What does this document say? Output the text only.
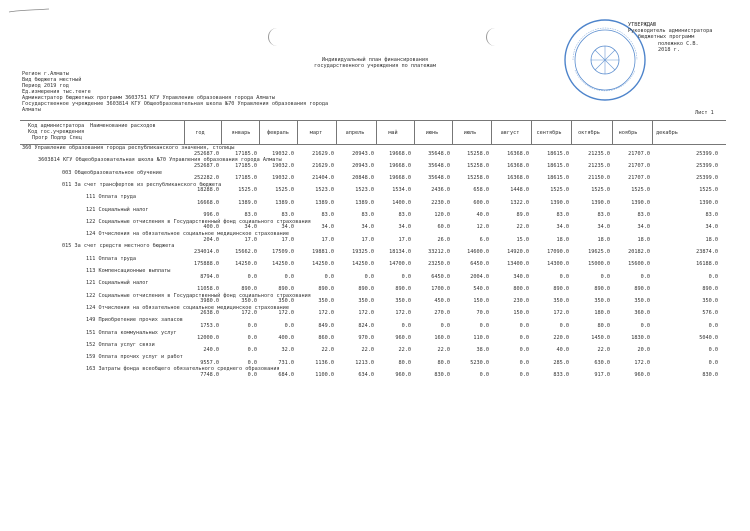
УТВЕРЖДАЮ
Руководитель администратора
бюджетных программ
полежнко С.В.
2018 г.
Индивидуальный план финансирования
государственного учреждения по платежам
Регион г.Алматы
Вид бюджета местный
Период 2019 год
Ед.измерения тыс.тенге
Администратор бюджетных программ 3603751 КГУ Управление образования города Алматы
Государственное учреждение 3603814 КГУ Общеобразовательная школа №70 Управления образования города
Алматы	Лист 1
Код администратора Наименование расходов
Код гос.учреждения
Прогр Подпр Спец
год	январь	февраль	март	апрель	май	июнь	июль	август	сентябрь	октябрь	ноябрь	декабрь
360 Управление образования города республиканского значения, столицы
252687.0	17185.0	19032.0	21629.0	20943.0	19668.0	35648.0	15258.0	16368.0	18615.0	21235.0	21707.0	25399.0
3603814 КГУ Общеобразовательная школа №70 Управления образования города Алматы
252687.0	17185.0	19032.0	21629.0	20943.0	19668.0	35648.0	15258.0	16368.0	18615.0	21235.0	21707.0	25399.0
003 Общеобразовательное обучение
252282.0	17185.0	19032.0	21404.0	20848.0	19668.0	35648.0	15258.0	16368.0	18615.0	21150.0	21707.0	25399.0
011 За счет трансфертов из республиканского бюджета
18288.0	1525.0	1525.0	1523.0	1523.0	1534.0	2436.0	658.0	1448.0	1525.0	1525.0	1525.0	1525.0
111 Оплата труда
16668.0	1389.0	1389.0	1389.0	1389.0	1400.0	2230.0	600.0	1322.0	1390.0	1390.0	1390.0	1390.0
121 Социальный налог
996.0	83.0	83.0	83.0	83.0	83.0	120.0	40.0	89.0	83.0	83.0	83.0	83.0
122 Социальные отчисления в Государственный фонд социального страхования
400.0	34.0	34.0	34.0	34.0	34.0	60.0	12.0	22.0	34.0	34.0	34.0	34.0
124 Отчисления на обязательное социальное медицинское страхование
204.0	17.0	17.0	17.0	17.0	17.0	26.0	6.0	15.0	18.0	18.0	18.0	18.0
015 За счет средств местного бюджета
234014.0	15662.0	17509.0	19881.0	19325.0	18134.0	33212.0	14600.0	14920.0	17090.0	19625.0	20182.0	23874.0
111 Оплата труда
175888.0	14250.0	14250.0	14250.0	14250.0	14700.0	23250.0	6450.0	13400.0	14300.0	15000.0	15600.0	16188.0
113 Компенсационные выплаты
8794.0	0.0	0.0	0.0	0.0	0.0	6450.0	2004.0	340.0	0.0	0.0	0.0	0.0
121 Социальный налог
11058.0	890.0	890.0	890.0	890.0	890.0	1700.0	540.0	800.0	890.0	890.0	890.0	890.0
122 Социальные отчисления в Государственный фонд социального страхования
3980.0	350.0	350.0	350.0	350.0	350.0	450.0	150.0	230.0	350.0	350.0	350.0	350.0
124 Отчисления на обязательное социальное медицинское страхование
2638.0	172.0	172.0	172.0	172.0	172.0	270.0	70.0	150.0	172.0	180.0	360.0	576.0
149 Приобретение прочих запасов
1753.0	0.0	0.0	849.0	824.0	0.0	0.0	0.0	0.0	0.0	80.0	0.0	0.0
151 Оплата коммунальных услуг
12000.0	0.0	400.0	860.0	970.0	960.0	160.0	110.0	0.0	220.0	1450.0	1830.0	5040.0
152 Оплата услуг связи
240.0	0.0	32.0	22.0	22.0	22.0	22.0	38.0	0.0	40.0	22.0	20.0	0.0
159 Оплата прочих услуг и работ
9557.0	0.0	731.0	1136.0	1213.0	80.0	80.0	5230.0	0.0	285.0	630.0	172.0	0.0
163 Затраты фонда всеобщего обязательного среднего образования
7748.0	0.0	684.0	1100.0	634.0	960.0	830.0	0.0	0.0	833.0	917.0	960.0	830.0
